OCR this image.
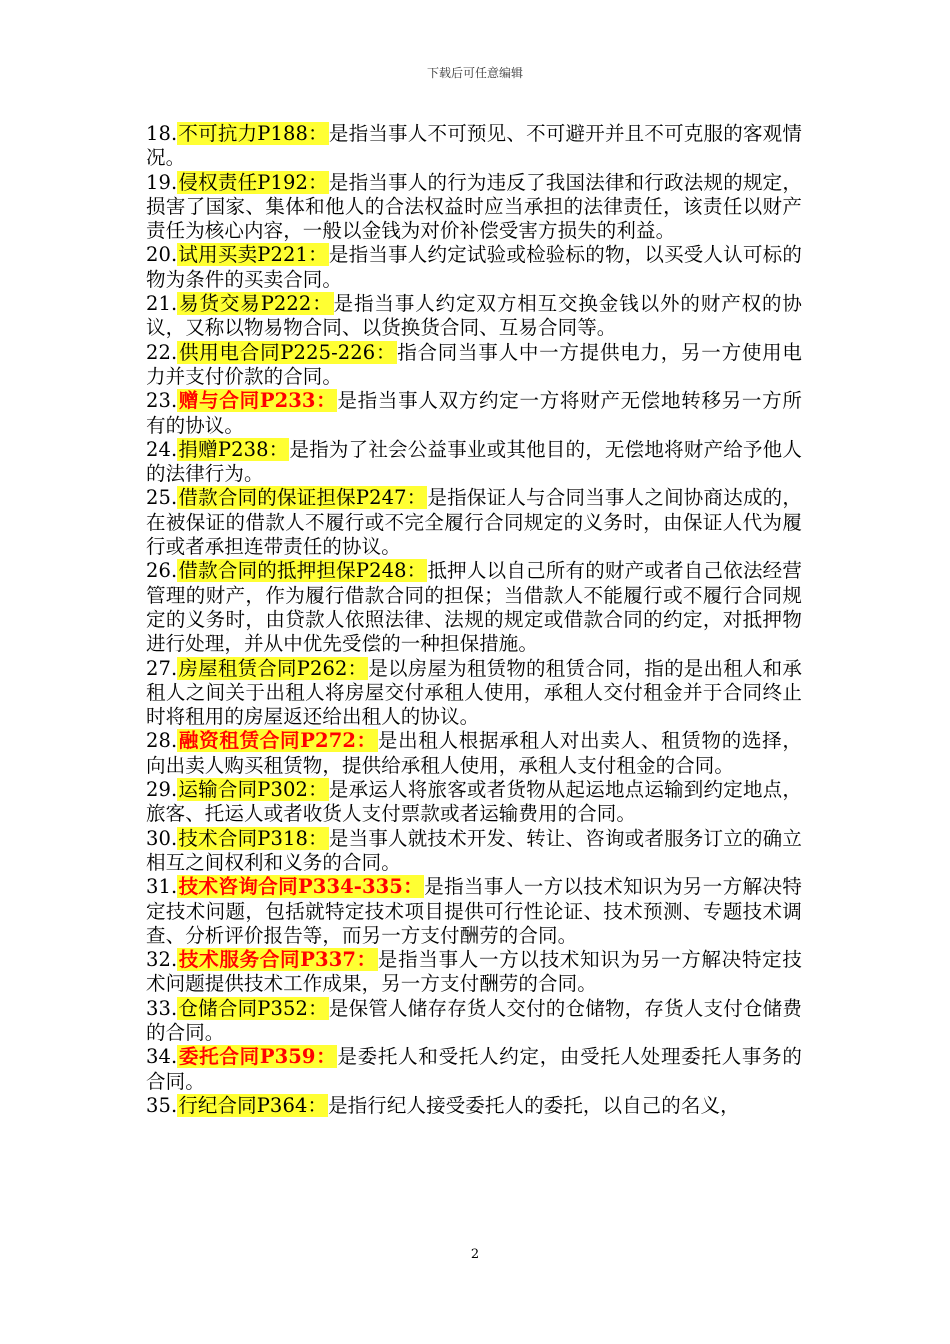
下载后可任意编辑

18.不可抗力P188：是指当事人不可预见、不可避开并且不可克服的客观情况。

19.侵权责任P192：是指当事人的行为违反了我国法律和行政法规的规定，损害了国家、集体和他人的合法权益时应当承担的法律责任，该责任以财产责任为核心内容，一般以金钱为对价补偿受害方损失的利益。

20.试用买卖P221：是指当事人约定试验或检验标的物，以买受人认可标的物为条件的买卖合同。

21.易货交易P222：是指当事人约定双方相互交换金钱以外的财产权的协议，又称以物易物合同、以货换货合同、互易合同等。

22.供用电合同P225-226：指合同当事人中一方提供电力，另一方使用电力并支付价款的合同。

23.赠与合同P233：是指当事人双方约定一方将财产无偿地转移另一方所有的协议。

24.捐赠P238：是指为了社会公益事业或其他目的，无偿地将财产给予他人的法律行为。

25.借款合同的保证担保P247：是指保证人与合同当事人之间协商达成的，在被保证的借款人不履行或不完全履行合同规定的义务时，由保证人代为履行或者承担连带责任的协议。

26.借款合同的抵押担保P248：抵押人以自己所有的财产或者自己依法经营管理的财产，作为履行借款合同的担保；当借款人不能履行或不履行合同规定的义务时，由贷款人依照法律、法规的规定或借款合同的约定，对抵押物进行处理，并从中优先受偿的一种担保措施。

27.房屋租赁合同P262：是以房屋为租赁物的租赁合同，指的是出租人和承租人之间关于出租人将房屋交付承租人使用，承租人交付租金并于合同终止时将租用的房屋返还给出租人的协议。

28.融资租赁合同P272：是出租人根据承租人对出卖人、租赁物的选择，向出卖人购买租赁物，提供给承租人使用，承租人支付租金的合同。

29.运输合同P302：是承运人将旅客或者货物从起运地点运输到约定地点，旅客、托运人或者收货人支付票款或者运输费用的合同。

30.技术合同P318：是当事人就技术开发、转让、咨询或者服务订立的确立相互之间权利和义务的合同。

31.技术咨询合同P334-335：是指当事人一方以技术知识为另一方解决特定技术问题，包括就特定技术项目提供可行性论证、技术预测、专题技术调查、分析评价报告等，而另一方支付酬劳的合同。

32.技术服务合同P337：是指当事人一方以技术知识为另一方解决特定技术问题提供技术工作成果，另一方支付酬劳的合同。

33.仓储合同P352：是保管人储存存货人交付的仓储物，存货人支付仓储费的合同。

34.委托合同P359：是委托人和受托人约定，由受托人处理委托人事务的合同。

35.行纪合同P364：是指行纪人接受委托人的委托，以自己的名义，

2
